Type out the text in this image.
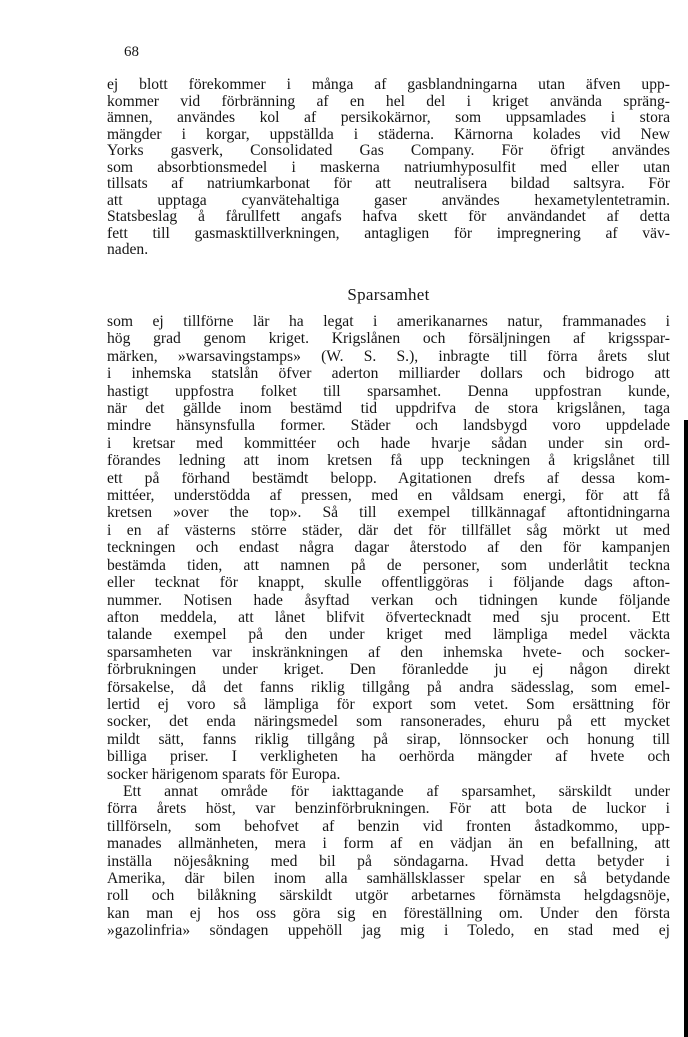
68
ej blott förekommer i många af gasblandningarna utan äfven upp-
kommer vid förbränning af en hel del i kriget använda spräng-
ämnen, användes kol af persikokärnor, som uppsamlades i stora
mängder i korgar, uppställda i städerna. Kärnorna kolades vid New
Yorks gasverk, Consolidated Gas Company. För öfrigt användes
som absorbtionsmedel i maskerna natriumhyposulfit med eller utan
tillsats af natriumkarbonat för att neutralisera bildad saltsyra. För
att upptaga cyanvätehaltiga gaser användes hexametylentetramin.
Statsbeslag å fårullfett angafs hafva skett för användandet af detta
fett till gasmasktillverkningen, antagligen för impregnering af väv-
naden.
Sparsamhet
som ej tillförne lär ha legat i amerikanarnes natur, frammanades i
hög grad genom kriget. Krigslånen och försäljningen af krigsspar-
märken, »warsavingstamps» (W. S. S.), inbragte till förra årets slut
i inhemska statslån öfver aderton milliarder dollars och bidrogo att
hastigt uppfostra folket till sparsamhet. Denna uppfostran kunde,
när det gällde inom bestämd tid uppdrifva de stora krigslånen, taga
mindre hänsynsfulla former. Städer och landsbygd voro uppdelade
i kretsar med kommittéer och hade hvarje sådan under sin ord-
förandes ledning att inom kretsen få upp teckningen å krigslånet till
ett på förhand bestämdt belopp. Agitationen drefs af dessa kom-
mittéer, understödda af pressen, med en våldsam energi, för att få
kretsen »over the top». Så till exempel tillkännagaf aftontidningarna
i en af västerns större städer, där det för tillfället såg mörkt ut med
teckningen och endast några dagar återstodo af den för kampanjen
bestämda tiden, att namnen på de personer, som underlåtit teckna
eller tecknat för knappt, skulle offentliggöras i följande dags afton-
nummer. Notisen hade åsyftad verkan och tidningen kunde följande
afton meddela, att lånet blifvit öfvertecknadt med sju procent. Ett
talande exempel på den under kriget med lämpliga medel väckta
sparsamheten var inskränkningen af den inhemska hvete- och socker-
förbrukningen under kriget. Den föranledde ju ej någon direkt
försakelse, då det fanns riklig tillgång på andra sädesslag, som emel-
lertid ej voro så lämpliga för export som vetet. Som ersättning för
socker, det enda näringsmedel som ransonerades, ehuru på ett mycket
mildt sätt, fanns riklig tillgång på sirap, lönnsocker och honung till
billiga priser. I verkligheten ha oerhörda mängder af hvete och
socker härigenom sparats för Europa.
Ett annat område för iakttagande af sparsamhet, särskildt under
förra årets höst, var benzinförbrukningen. För att bota de luckor i
tillförseln, som behofvet af benzin vid fronten åstadkommo, upp-
manades allmänheten, mera i form af en vädjan än en befallning, att
inställa nöjesåkning med bil på söndagarna. Hvad detta betyder i
Amerika, där bilen inom alla samhällsklasser spelar en så betydande
roll och bilåkning särskildt utgör arbetarnes förnämsta helgdagsnöje,
kan man ej hos oss göra sig en föreställning om. Under den första
»gazolinfria» söndagen uppehöll jag mig i Toledo, en stad med ej
